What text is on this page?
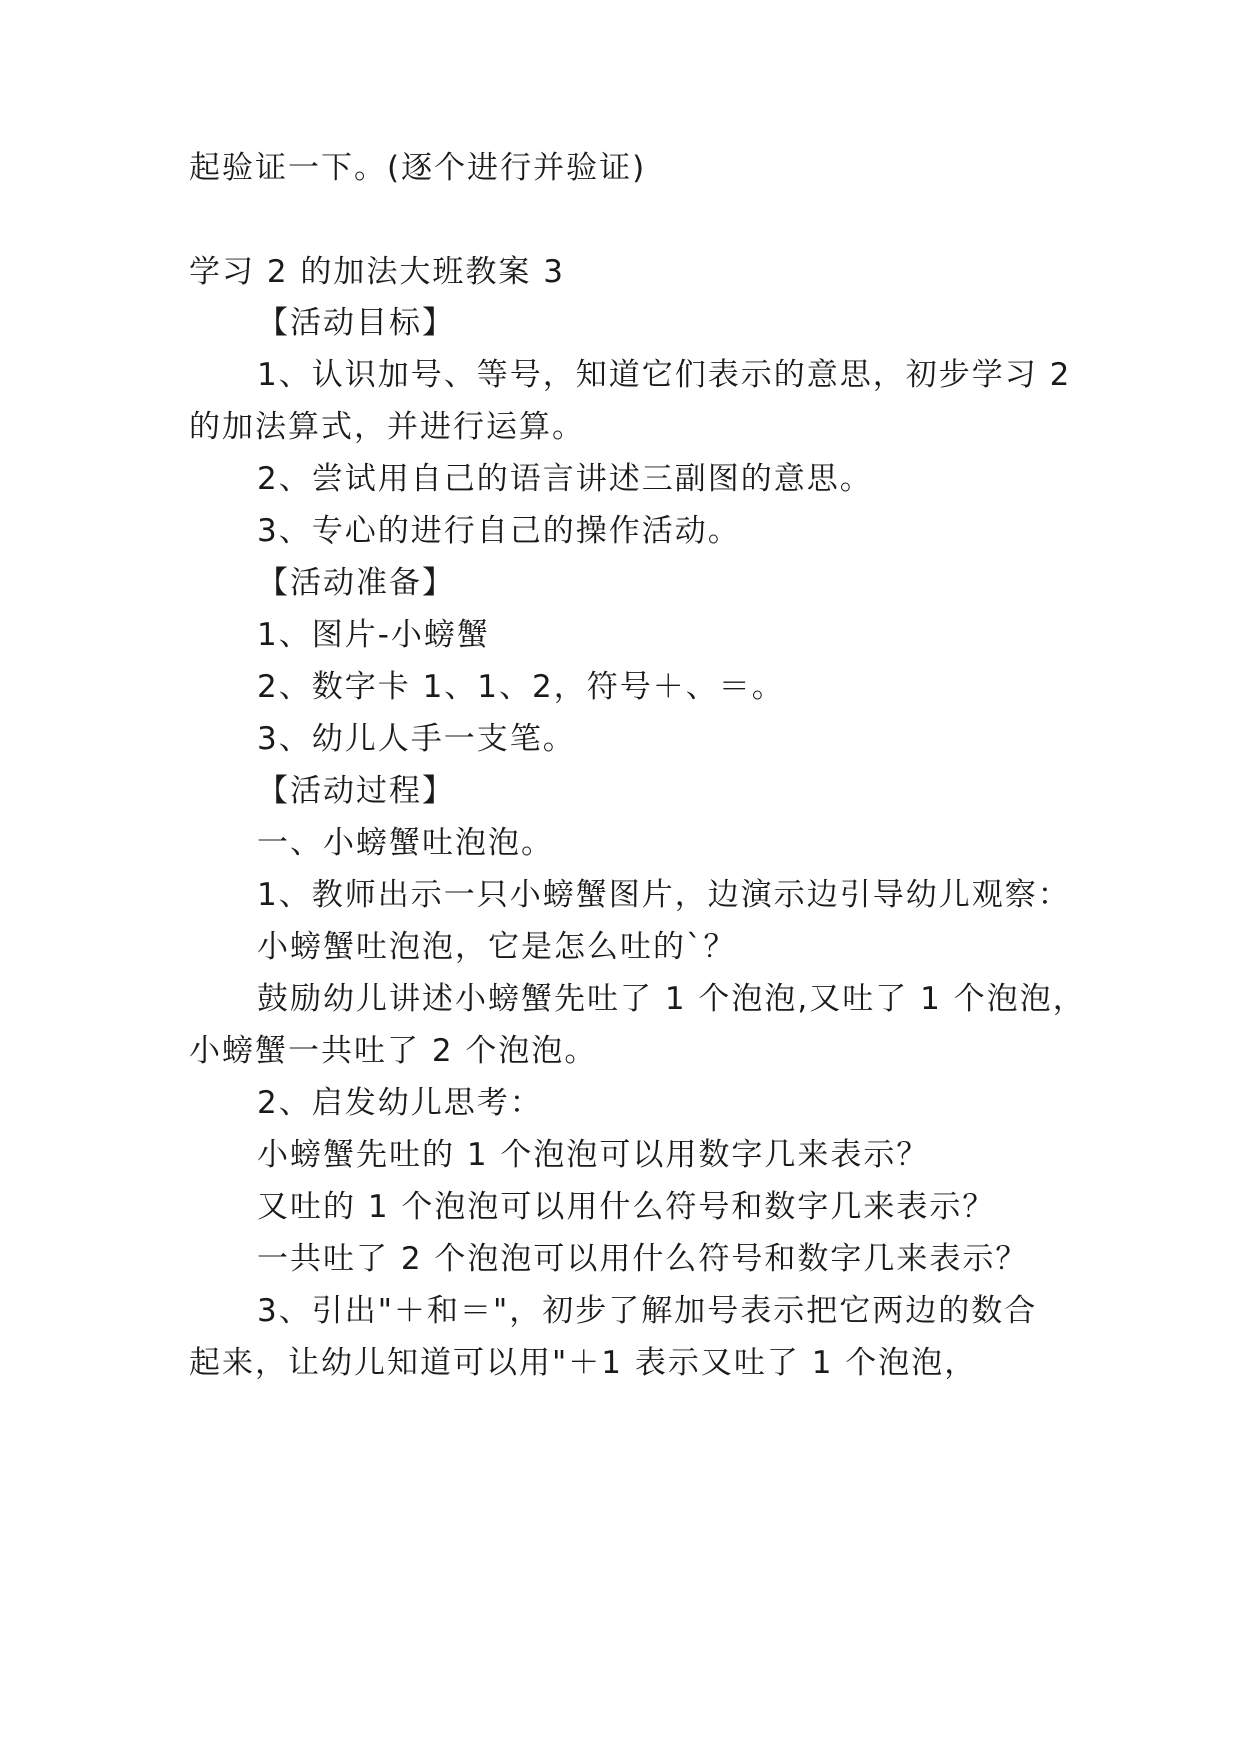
起验证一下。(逐个进行并验证)
学习 2 的加法大班教案 3
【活动目标】
1、认识加号、等号，知道它们表示的意思，初步学习 2
的加法算式，并进行运算。
2、尝试用自己的语言讲述三副图的意思。
3、专心的进行自己的操作活动。
【活动准备】
1、图片-小螃蟹
2、数字卡 1、1、2，符号＋、＝。
3、幼儿人手一支笔。
【活动过程】
一、小螃蟹吐泡泡。
1、教师出示一只小螃蟹图片，边演示边引导幼儿观察：
小螃蟹吐泡泡，它是怎么吐的`？
鼓励幼儿讲述小螃蟹先吐了 1 个泡泡,又吐了 1 个泡泡，
小螃蟹一共吐了 2 个泡泡。
2、启发幼儿思考：
小螃蟹先吐的 1 个泡泡可以用数字几来表示？
又吐的 1 个泡泡可以用什么符号和数字几来表示？
一共吐了 2 个泡泡可以用什么符号和数字几来表示？
3、引出"＋和＝"，初步了解加号表示把它两边的数合
起来，让幼儿知道可以用"＋1 表示又吐了 1 个泡泡，
